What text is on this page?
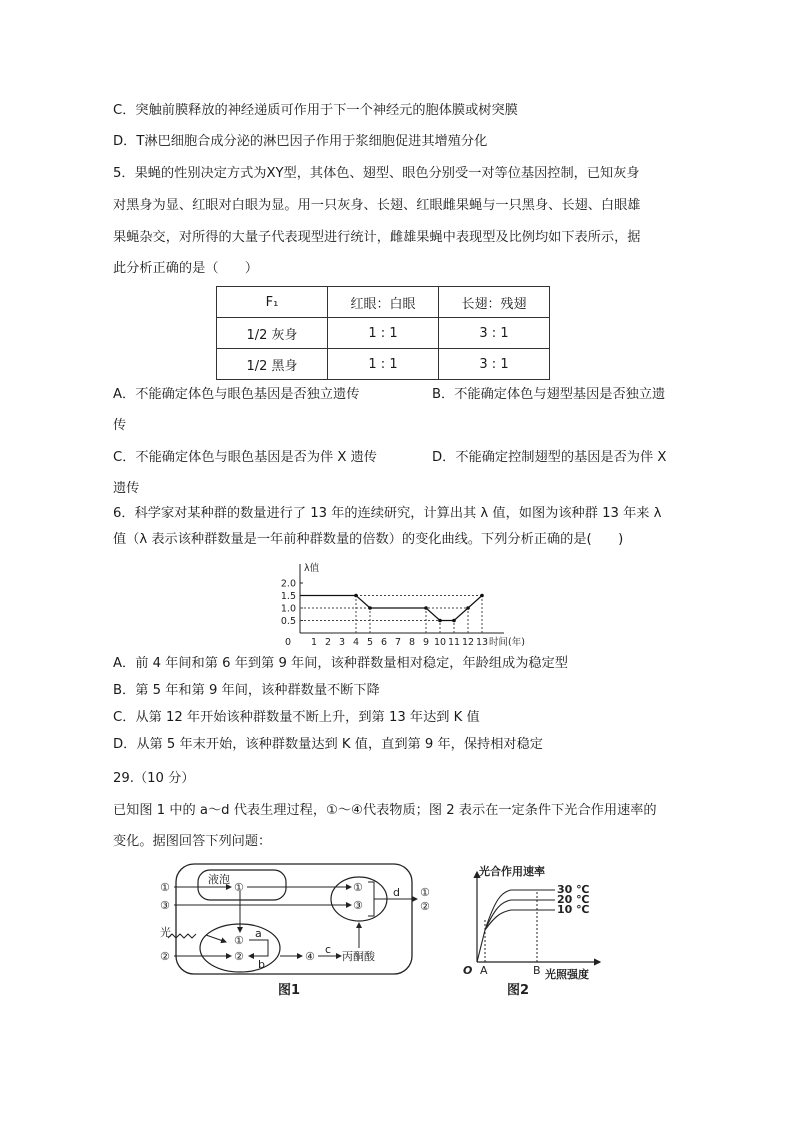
C．突触前膜释放的神经递质可作用于下一个神经元的胞体膜或树突膜
D．T淋巴细胞合成分泌的淋巴因子作用于浆细胞促进其增殖分化
5．果蝇的性别决定方式为XY型，其体色、翅型、眼色分别受一对等位基因控制，已知灰身
对黑身为显、红眼对白眼为显。用一只灰身、长翅、红眼雌果蝇与一只黑身、长翅、白眼雄
果蝇杂交，对所得的大量子代表现型进行统计，雌雄果蝇中表现型及比例均如下表所示，据
此分析正确的是（　　）
F₁	红眼：白眼	长翅：残翅
1/2 灰身	1 : 1	3 : 1
1/2 黑身	1 : 1	3 : 1
A．不能确定体色与眼色基因是否独立遗传	B．不能确定体色与翅型基因是否独立遗
传
C．不能确定体色与眼色基因是否为伴 X 遗传	D．不能确定控制翅型的基因是否为伴 X
遗传
6．科学家对某种群的数量进行了 13 年的连续研究，计算出其 λ 值，如图为该种群 13 年来 λ
值（λ 表示该种群数量是一年前种群数量的倍数）的变化曲线。下列分析正确的是(　　)
0.5
1.0
1.5
2.0
λ值
0 1 2 3 4 5 6 7 8 9 10 11 12 13 时间(年)
A．前 4 年间和第 6 年到第 9 年间，该种群数量相对稳定，年龄组成为稳定型
B．第 5 年和第 9 年间，该种群数量不断下降
C．从第 12 年开始该种群数量不断上升，到第 13 年达到 K 值
D．从第 5 年末开始，该种群数量达到 K 值，直到第 9 年，保持相对稳定
29.（10 分）
已知图 1 中的 a～d 代表生理过程，①～④代表物质；图 2 表示在一定条件下光合作用速率的
变化。据图回答下列问题：
液泡
①
①	①
③	③
d ①
②
①
②
a
b
光
②	④
c
丙酮酸
图1
光合作用速率
光照强度
O A	B
30 ℃
20 ℃
10 ℃
图2
